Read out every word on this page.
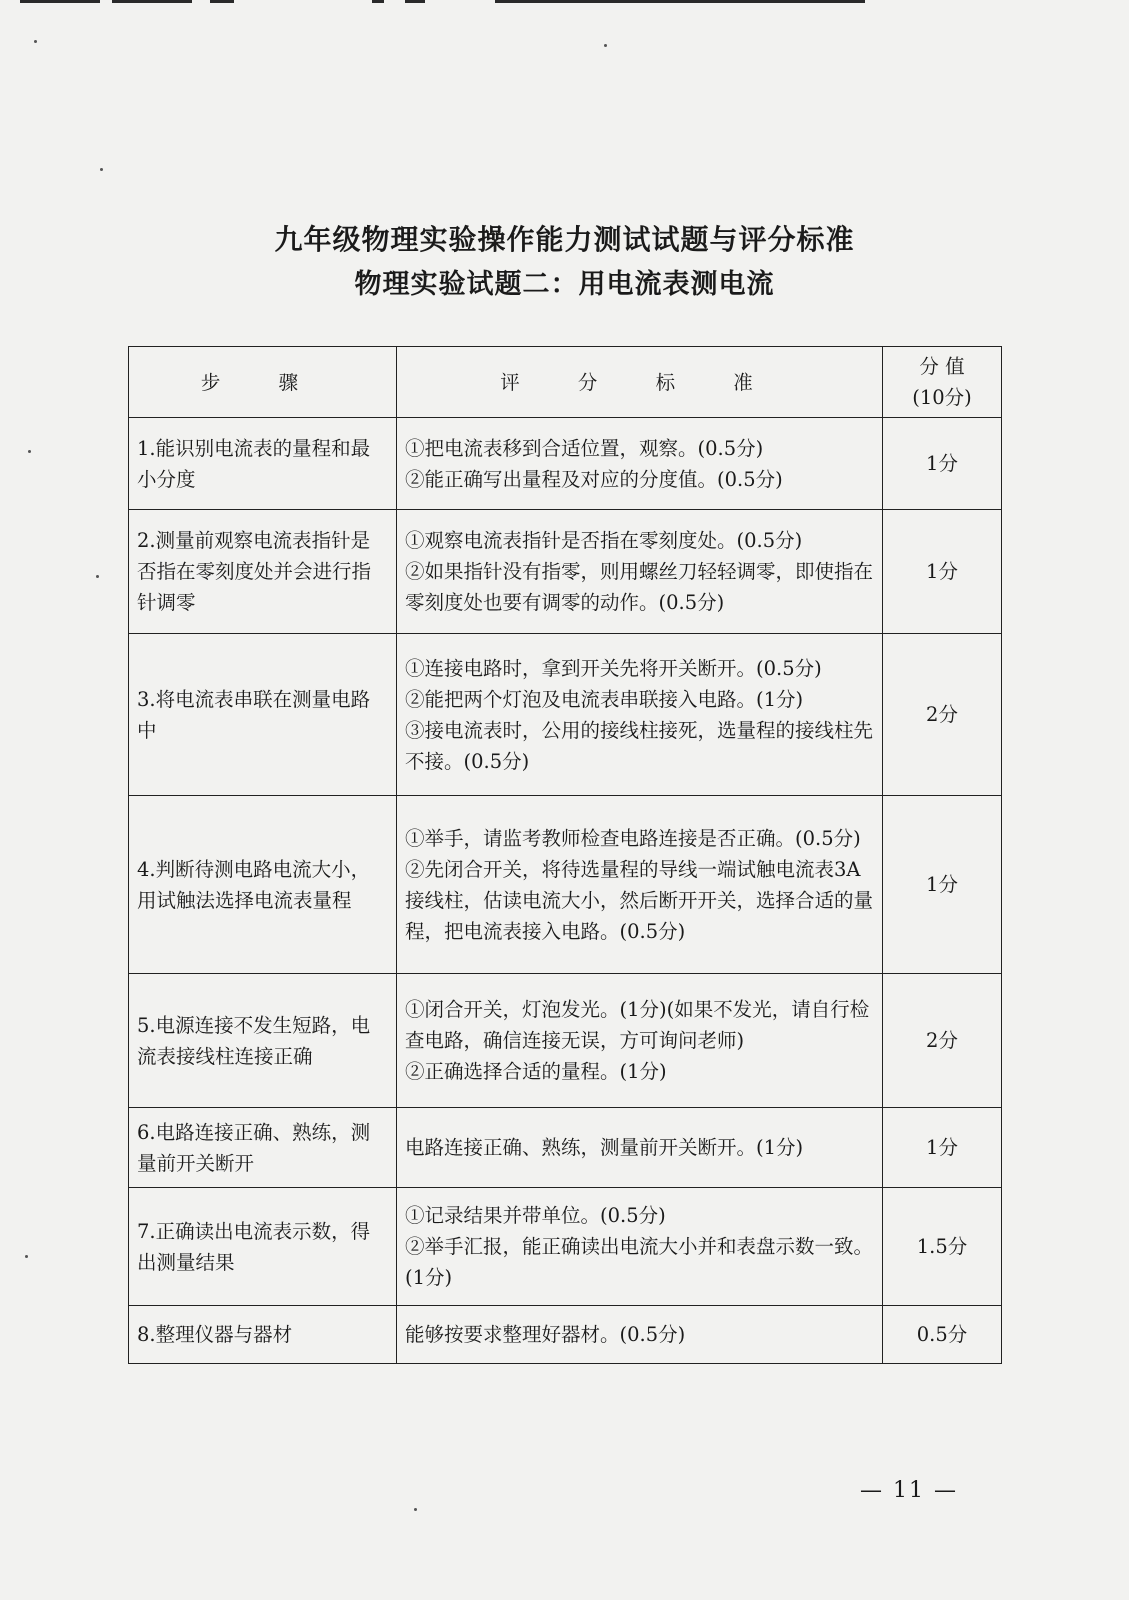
九年级物理实验操作能力测试试题与评分标准
物理实验试题二：用电流表测电流
步 骤	评 分 标 准	分 值
(10分)
1.能识别电流表的量程和最小分度	①把电流表移到合适位置，观察。(0.5分)
②能正确写出量程及对应的分度值。(0.5分)	1分
2.测量前观察电流表指针是否指在零刻度处并会进行指针调零	①观察电流表指针是否指在零刻度处。(0.5分)
②如果指针没有指零，则用螺丝刀轻轻调零，即使指在零刻度处也要有调零的动作。(0.5分)	1分
3.将电流表串联在测量电路中	①连接电路时，拿到开关先将开关断开。(0.5分)
②能把两个灯泡及电流表串联接入电路。(1分)
③接电流表时，公用的接线柱接死，选量程的接线柱先不接。(0.5分)	2分
4.判断待测电路电流大小，用试触法选择电流表量程	①举手，请监考教师检查电路连接是否正确。(0.5分)
②先闭合开关，将待选量程的导线一端试触电流表3A接线柱，估读电流大小，然后断开开关，选择合适的量程，把电流表接入电路。(0.5分)	1分
5.电源连接不发生短路，电流表接线柱连接正确	①闭合开关，灯泡发光。(1分)(如果不发光，请自行检查电路，确信连接无误，方可询问老师)
②正确选择合适的量程。(1分)	2分
6.电路连接正确、熟练，测量前开关断开	电路连接正确、熟练，测量前开关断开。(1分)	1分
7.正确读出电流表示数，得出测量结果	①记录结果并带单位。(0.5分)
②举手汇报，能正确读出电流大小并和表盘示数一致。(1分)	1.5分
8.整理仪器与器材	能够按要求整理好器材。(0.5分)	0.5分
— 11 —
